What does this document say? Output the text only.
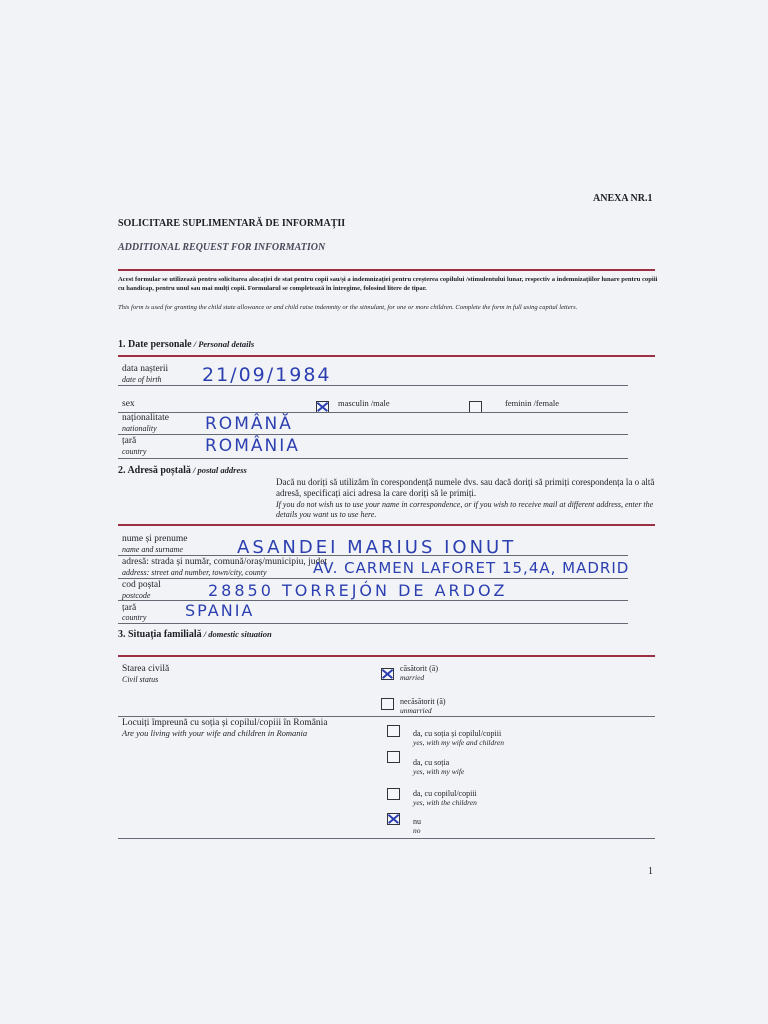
ANEXA NR.1
SOLICITARE SUPLIMENTARĂ DE INFORMAȚII
ADDITIONAL REQUEST FOR INFORMATION
Acest formular se utilizează pentru solicitarea alocației de stat pentru copii sau/și a indemnizației pentru creșterea copilului /stimulentului lunar, respectiv a indemnizațiilor lunare pentru copiii cu handicap, pentru unul sau mai mulți copii. Formularul se completează în întregime, folosind litere de tipar.
This form is used for granting the child state allowance or and child raise indemnity or the stimulant, for one or more children. Complete the form in full using capital letters.
1. Date personale / Personal details
data nașterii
date of birth 21/09/1984
sex	masculin /male	feminin /female
naționalitate
nationality	ROMÂNĂ
țară
country	ROMÂNIA
2. Adresă poștală / postal address
Dacă nu doriți să utilizăm în corespondență numele dvs. sau dacă doriți să primiți corespondența la o altă adresă, specificați aici adresa la care doriți să le primiți.
If you do not wish us to use your name in correspondence, or if you wish to receive mail at different address, enter the details you want us to use here.
nume și prenume
name and surname	ASANDEI MARIUS IONUT
adresă: strada și număr, comună/oraș/municipiu, județ
address: street and number, town/city, county	AV. CARMEN LAFORET 15,4A, MADRID
cod poștal
postcode	28850 TORREJÓN DE ARDOZ
țară
country SPANIA
3. Situația familială / domestic situation
Starea civilă
Civil status
căsătorit (ă)
married
necăsătorit (ă)
unmarried
Locuiți împreună cu soția și copilul/copiii în România
Are you living with your wife and children in Romania	da, cu soția și copilul/copiii
yes, with my wife and children
da, cu soția
yes, with my wife
da, cu copilul/copiii
yes, with the children
nu
no
1
